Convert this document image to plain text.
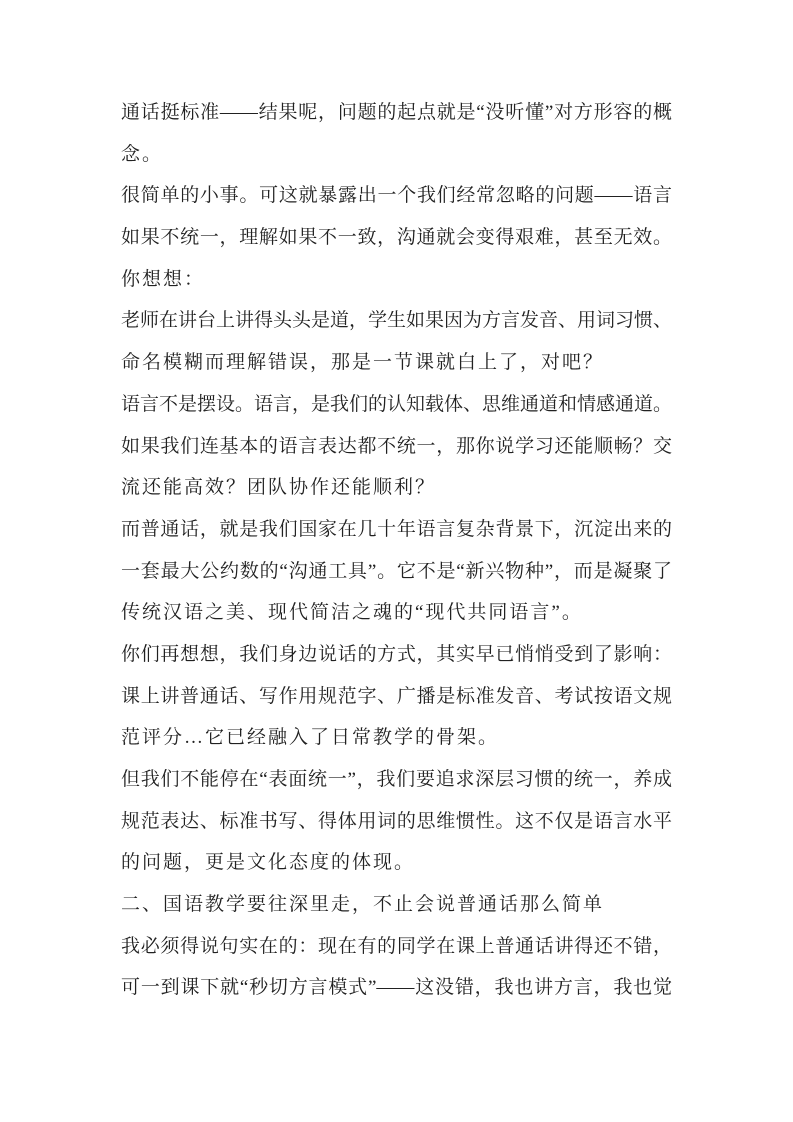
通话挺标准——结果呢，问题的起点就是“没听懂”对方形容的概
念。
很简单的小事。可这就暴露出一个我们经常忽略的问题——语言
如果不统一，理解如果不一致，沟通就会变得艰难，甚至无效。
你想想：
老师在讲台上讲得头头是道，学生如果因为方言发音、用词习惯、
命名模糊而理解错误，那是一节课就白上了，对吧？
语言不是摆设。语言，是我们的认知载体、思维通道和情感通道。
如果我们连基本的语言表达都不统一，那你说学习还能顺畅？交
流还能高效？团队协作还能顺利？
而普通话，就是我们国家在几十年语言复杂背景下，沉淀出来的
一套最大公约数的“沟通工具”。它不是“新兴物种”，而是凝聚了
传统汉语之美、现代简洁之魂的“现代共同语言”。
你们再想想，我们身边说话的方式，其实早已悄悄受到了影响：
课上讲普通话、写作用规范字、广播是标准发音、考试按语文规
范评分…它已经融入了日常教学的骨架。
但我们不能停在“表面统一”，我们要追求深层习惯的统一，养成
规范表达、标准书写、得体用词的思维惯性。这不仅是语言水平
的问题，更是文化态度的体现。
二、国语教学要往深里走，不止会说普通话那么简单
我必须得说句实在的：现在有的同学在课上普通话讲得还不错，
可一到课下就“秒切方言模式”——这没错，我也讲方言，我也觉
